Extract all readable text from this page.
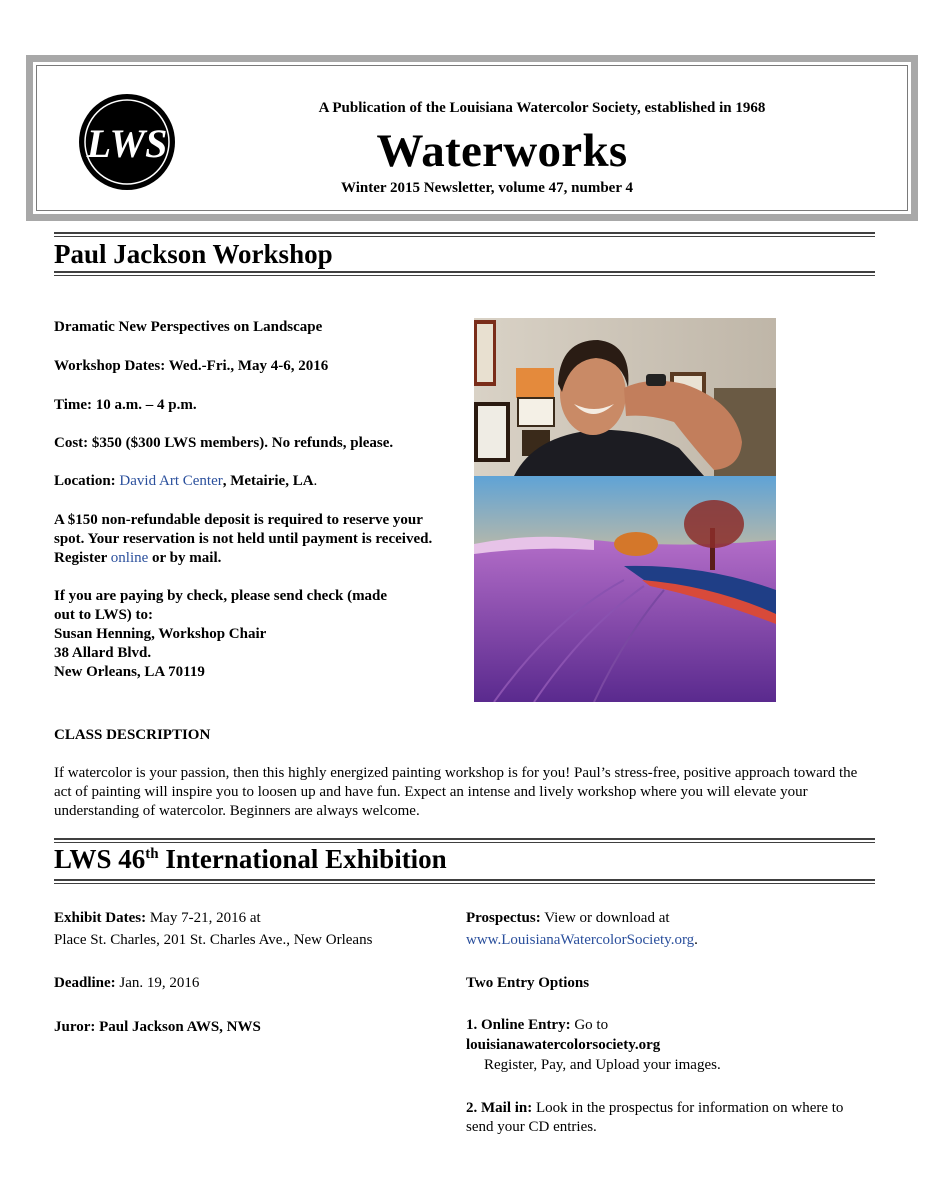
LWS
A Publication of the Louisiana Watercolor Society, established in 1968
Waterworks
Winter 2015 Newsletter, volume 47, number 4
Paul Jackson Workshop

Dramatic New Perspectives on Landscape

Workshop Dates: Wed.-Fri., May 4-6, 2016

Time: 10 a.m. – 4 p.m.

Cost: $350 ($300 LWS members). No refunds, please.

Location: David Art Center, Metairie, LA.

A $150 non-refundable deposit is required to reserve your spot. Your reservation is not held until payment is received. Register online or by mail.

If you are paying by check, please send check (made

out to LWS) to:

Susan Henning, Workshop Chair

38 Allard Blvd.

New Orleans, LA 70119

CLASS DESCRIPTION

If watercolor is your passion, then this highly energized painting workshop is for you! Paul’s stress-free, positive approach toward the act of painting will inspire you to loosen up and have fun. Expect an intense and lively workshop where you will elevate your understanding of watercolor. Beginners are always welcome.

LWS 46th International Exhibition

Exhibit Dates: May 7-21, 2016 at

Place St. Charles, 201 St. Charles Ave., New Orleans

Deadline: Jan. 19, 2016

Juror: Paul Jackson AWS, NWS

Prospectus: View or download at

www.LouisianaWatercolorSociety.org.

Two Entry Options

1. Online Entry: Go to

louisianawatercolorsociety.org

Register, Pay, and Upload your images.

2. Mail in: Look in the prospectus for information on where to send your CD entries.
